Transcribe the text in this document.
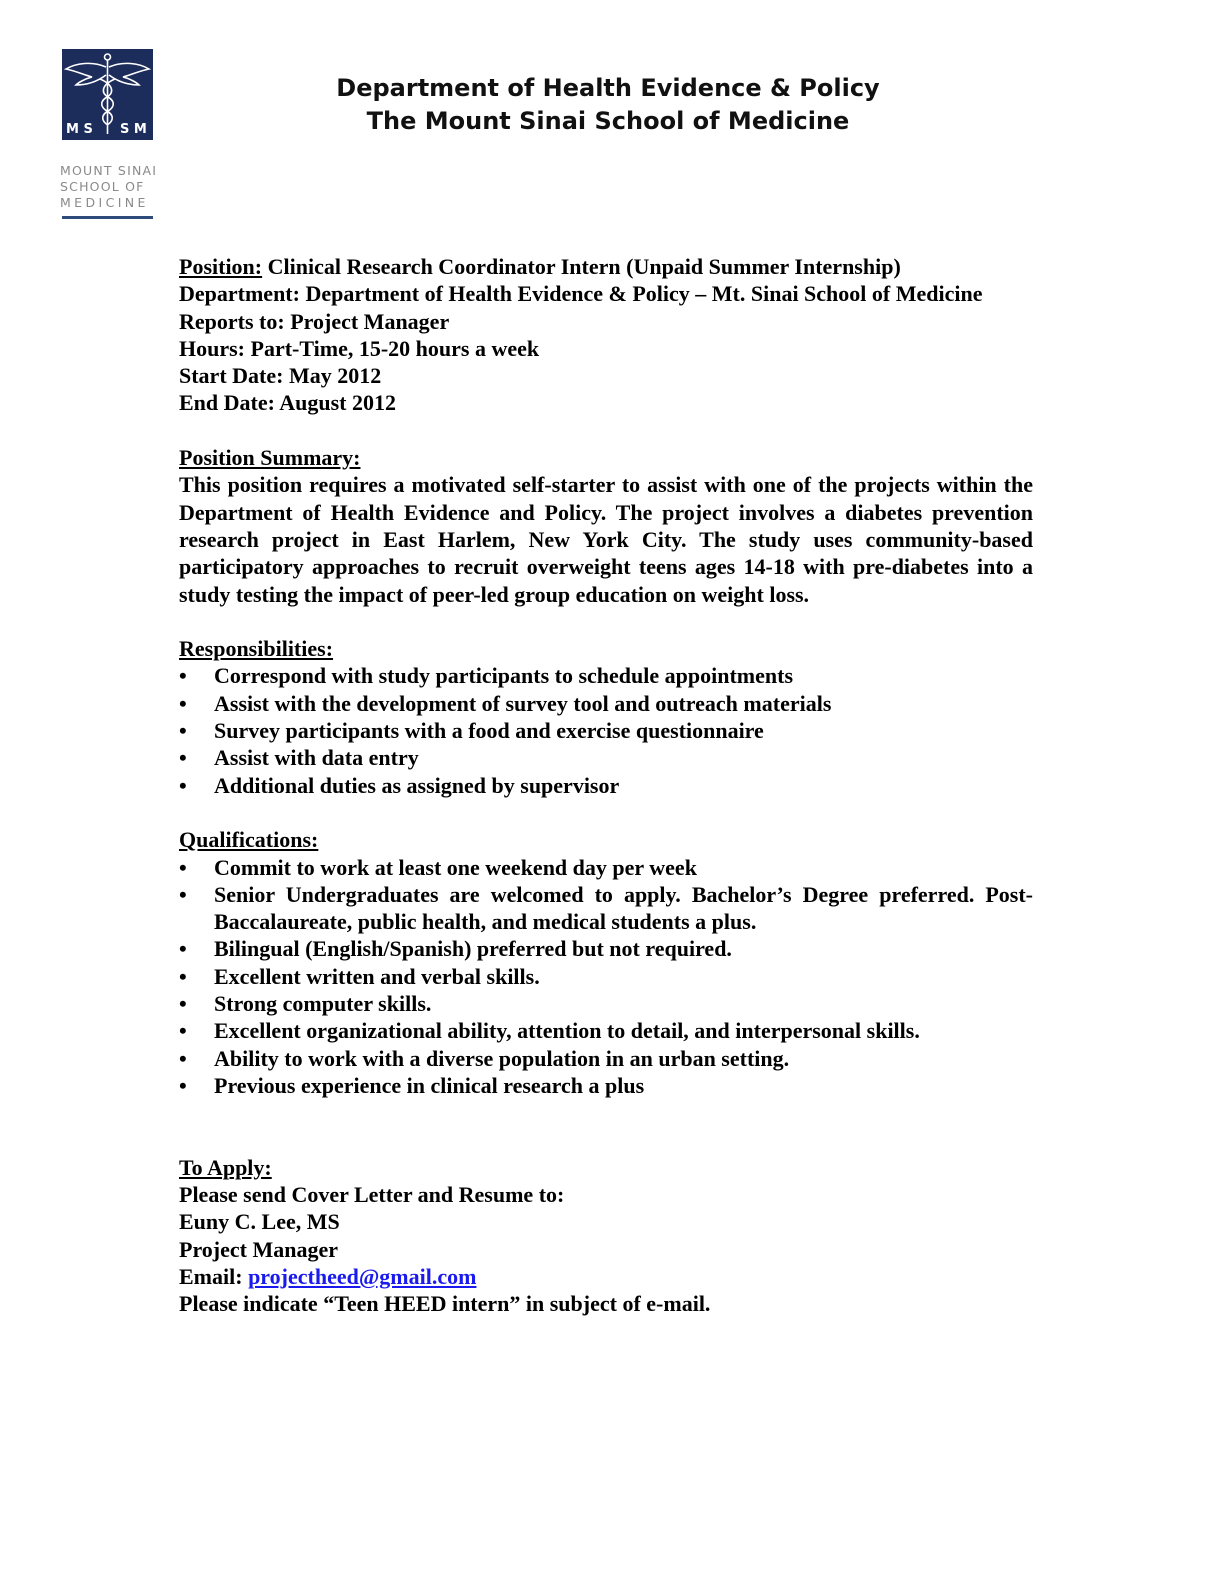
M S S M
MOUNT SINAI
SCHOOL OF
MEDICINE
Department of Health Evidence & Policy
The Mount Sinai School of Medicine
Position: Clinical Research Coordinator Intern (Unpaid Summer Internship)
Department: Department of Health Evidence & Policy – Mt. Sinai School of Medicine
Reports to: Project Manager
Hours: Part-Time, 15-20 hours a week
Start Date: May 2012
End Date: August 2012
Position Summary:
This position requires a motivated self-starter to assist with one of the projects within the Department of Health Evidence and Policy. The project involves a diabetes prevention research project in East Harlem, New York City. The study uses community-based participatory approaches to recruit overweight teens ages 14-18 with pre-diabetes into a study testing the impact of peer-led group education on weight loss.
Responsibilities:
• Correspond with study participants to schedule appointments
• Assist with the development of survey tool and outreach materials
• Survey participants with a food and exercise questionnaire
• Assist with data entry
• Additional duties as assigned by supervisor
Qualifications:
• Commit to work at least one weekend day per week
• Senior Undergraduates are welcomed to apply. Bachelor’s Degree preferred. Post-Baccalaureate, public health, and medical students a plus.
• Bilingual (English/Spanish) preferred but not required.
• Excellent written and verbal skills.
• Strong computer skills.
• Excellent organizational ability, attention to detail, and interpersonal skills.
• Ability to work with a diverse population in an urban setting.
• Previous experience in clinical research a plus
To Apply:
Please send Cover Letter and Resume to:
Euny C. Lee, MS
Project Manager
Email: projectheed@gmail.com
Please indicate “Teen HEED intern” in subject of e-mail.
